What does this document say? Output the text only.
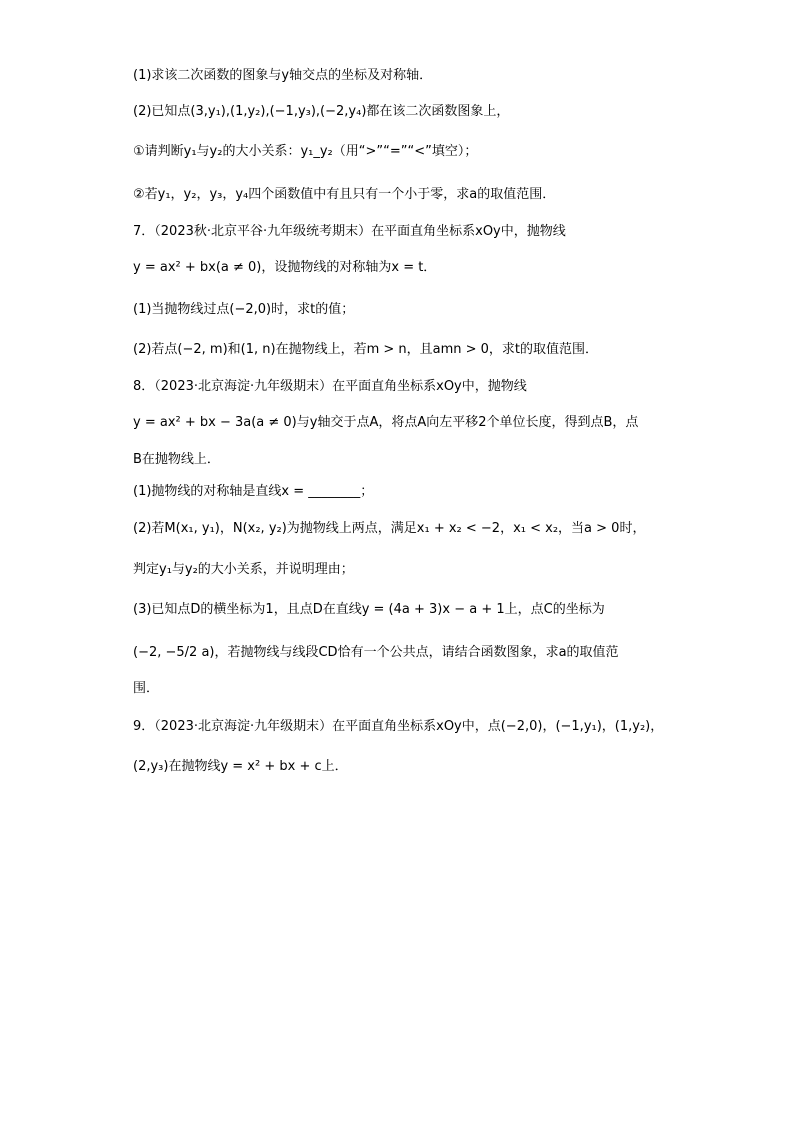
(1)求该二次函数的图象与y轴交点的坐标及对称轴．
(2)已知点(3,y₁),(1,y₂),(−1,y₃),(−2,y₄)都在该二次函数图象上，
①请判断y₁与y₂的大小关系：y₁_y₂（用“>”“=”“<”填空）；
②若y₁，y₂，y₃，y₄四个函数值中有且只有一个小于零，求a的取值范围．
7．（2023秋·北京平谷·九年级统考期末）在平面直角坐标系xOy中，抛物线
y = ax² + bx(a ≠ 0)，设抛物线的对称轴为x = t．
(1)当抛物线过点(−2,0)时，求t的值；
(2)若点(−2, m)和(1, n)在抛物线上，若m > n，且amn > 0，求t的取值范围．
8．（2023·北京海淀·九年级期末）在平面直角坐标系xOy中，抛物线
y = ax² + bx − 3a(a ≠ 0)与y轴交于点A，将点A向左平移2个单位长度，得到点B，点
B在抛物线上．
(1)抛物线的对称轴是直线x = ________；
(2)若M(x₁, y₁)，N(x₂, y₂)为抛物线上两点，满足x₁ + x₂ < −2，x₁ < x₂，当a > 0时，
判定y₁与y₂的大小关系，并说明理由；
(3)已知点D的横坐标为1，且点D在直线y = (4a + 3)x − a + 1上，点C的坐标为
(−2, −5/2 a)，若抛物线与线段CD恰有一个公共点，请结合函数图象，求a的取值范
围．
9．（2023·北京海淀·九年级期末）在平面直角坐标系xOy中，点(−2,0)，(−1,y₁)，(1,y₂)，
(2,y₃)在抛物线y = x² + bx + c上．
